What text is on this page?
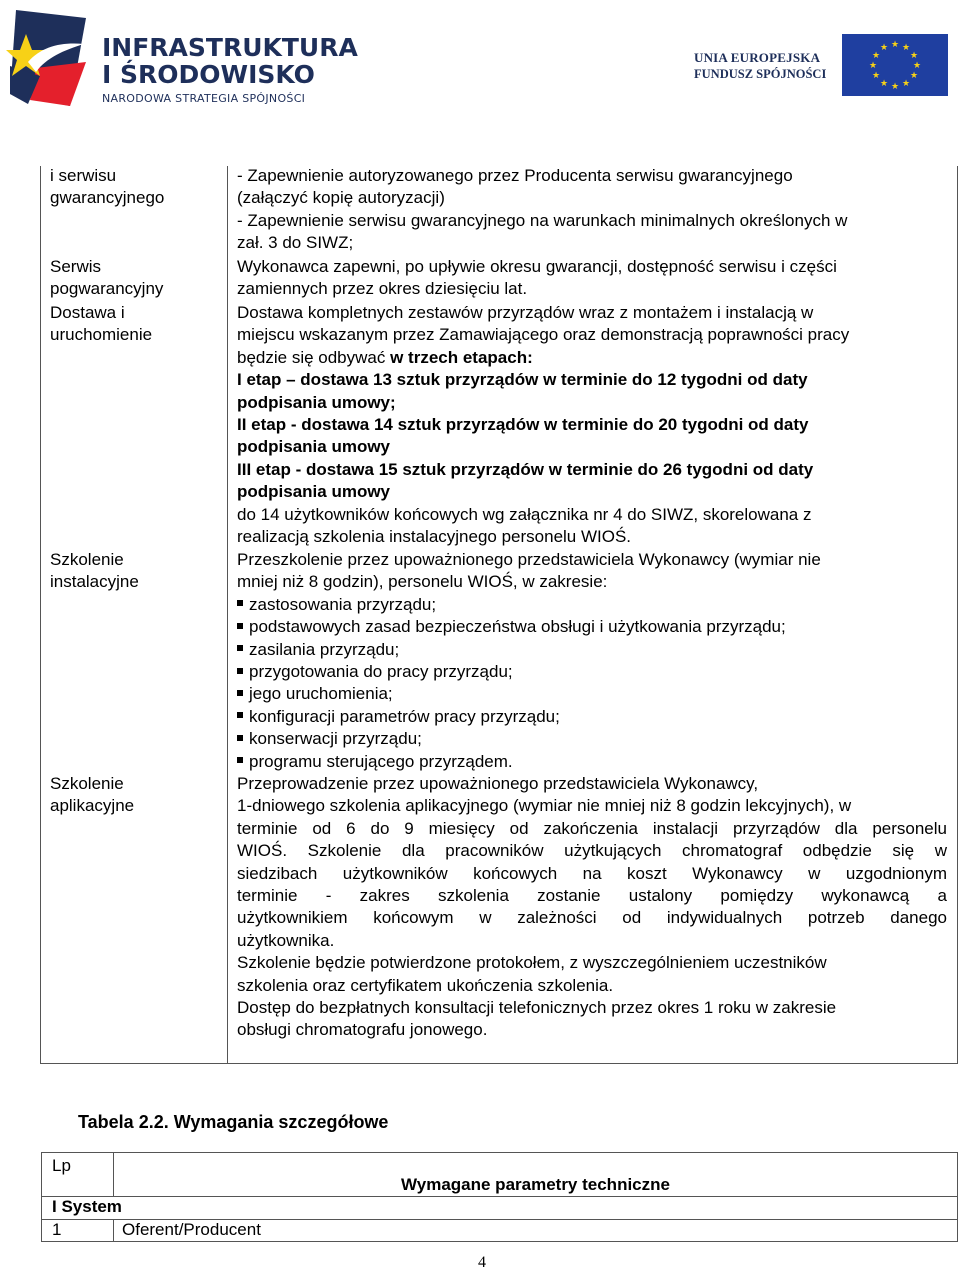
INFRASTRUKTURA
I ŚRODOWISKO
NARODOWA STRATEGIA SPÓJNOŚCI
UNIA EUROPEJSKA
FUNDUSZ SPÓJNOŚCI
★ ★
★
★
★
★
★
★
★
★
★
★
i serwisu
gwarancyjnego
- Zapewnienie autoryzowanego przez Producenta serwisu gwarancyjnego
(załączyć kopię autoryzacji)
- Zapewnienie serwisu gwarancyjnego na warunkach minimalnych określonych w
zał. 3 do SIWZ;
Serwis
pogwarancyjny
Wykonawca zapewni, po upływie okresu gwarancji, dostępność serwisu i części
zamiennych przez okres dziesięciu lat.
Dostawa i
uruchomienie
Dostawa kompletnych zestawów przyrządów wraz z montażem i instalacją w
miejscu wskazanym przez Zamawiającego oraz demonstracją poprawności pracy
będzie się odbywać w trzech etapach:
I etap – dostawa 13 sztuk przyrządów w terminie do 12 tygodni od daty
podpisania umowy;
II etap - dostawa 14 sztuk przyrządów w terminie do 20 tygodni od daty
podpisania umowy
III etap - dostawa 15 sztuk przyrządów w terminie do 26 tygodni od daty
podpisania umowy
do 14 użytkowników końcowych wg załącznika nr 4 do SIWZ, skorelowana z
realizacją szkolenia instalacyjnego personelu WIOŚ.
Szkolenie
instalacyjne
Przeszkolenie przez upoważnionego przedstawiciela Wykonawcy (wymiar nie
mniej niż 8 godzin), personelu WIOŚ, w zakresie:
zastosowania przyrządu;
podstawowych zasad bezpieczeństwa obsługi i użytkowania przyrządu;
zasilania przyrządu;
przygotowania do pracy przyrządu;
jego uruchomienia;
konfiguracji parametrów pracy przyrządu;
konserwacji przyrządu;
programu sterującego przyrządem.
Szkolenie
aplikacyjne
Przeprowadzenie przez upoważnionego przedstawiciela Wykonawcy,
1-dniowego szkolenia aplikacyjnego (wymiar nie mniej niż 8 godzin lekcyjnych), w
terminie od 6 do 9 miesięcy od zakończenia instalacji przyrządów dla personelu
WIOŚ. Szkolenie dla pracowników użytkujących chromatograf odbędzie się w
siedzibach użytkowników końcowych na koszt Wykonawcy w uzgodnionym
terminie - zakres szkolenia zostanie ustalony pomiędzy wykonawcą a
użytkownikiem końcowym w zależności od indywidualnych potrzeb danego
użytkownika.
Szkolenie będzie potwierdzone protokołem, z wyszczególnieniem uczestników
szkolenia oraz certyfikatem ukończenia szkolenia.
Dostęp do bezpłatnych konsultacji telefonicznych przez okres 1 roku w zakresie
obsługi chromatografu jonowego.
Tabela 2.2. Wymagania szczegółowe
Lp
Wymagane parametry techniczne
I System
1	Oferent/Producent
4
